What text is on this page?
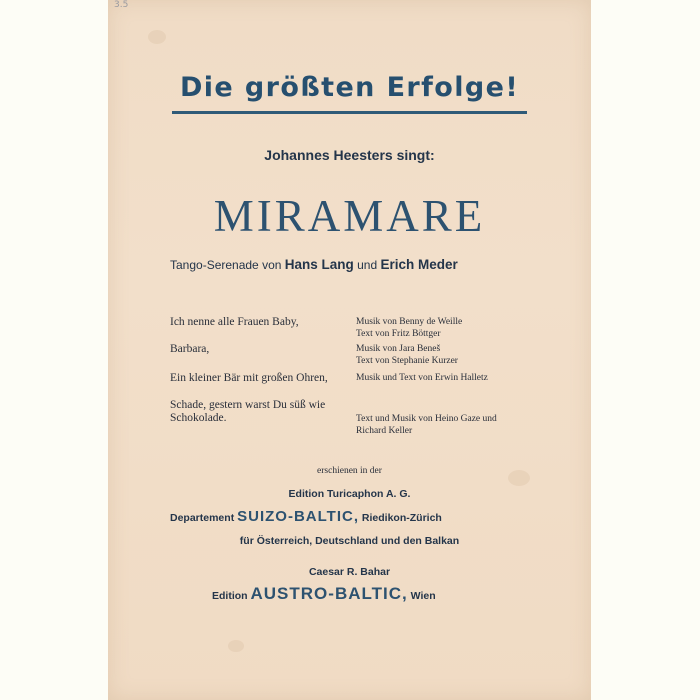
3.5
Die größten Erfolge!
Johannes Heesters singt:
MIRAMARE
Tango-Serenade von Hans Lang und Erich Meder
Ich nenne alle Frauen Baby,	Musik von Benny de Weille
Text von Fritz Böttger
Barbara,	Musik von Jara Beneš
Text von Stephanie Kurzer
Ein kleiner Bär mit großen Ohren,	Musik und Text von Erwin Halletz
Schade, gestern warst Du süß wie Schokolade.	Text und Musik von Heino Gaze und
Richard Keller
erschienen in der
Edition Turicaphon A. G.
Departement SUIZO-BALTIC, Riedikon-Zürich
für Österreich, Deutschland und den Balkan
Caesar R. Bahar
Edition AUSTRO-BALTIC, Wien
